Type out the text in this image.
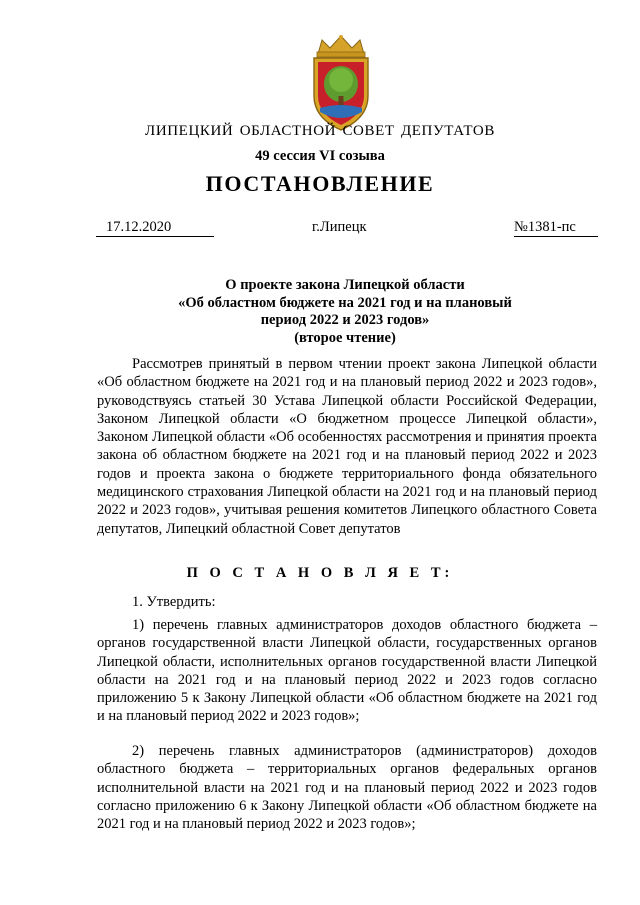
ЛИПЕЦКИЙ ОБЛАСТНОЙ СОВЕТ ДЕПУТАТОВ
49 сессия VI созыва
ПОСТАНОВЛЕНИЕ
17.12.2020	г.Липецк	№1381-пс
О проекте закона Липецкой области
«Об областном бюджете на 2021 год и на плановый
период 2022 и 2023 годов»
(второе чтение)
Рассмотрев принятый в первом чтении проект закона Липецкой области «Об областном бюджете на 2021 год и на плановый период 2022 и 2023 годов», руководствуясь статьей 30 Устава Липецкой области Российской Федерации, Законом Липецкой области «О бюджетном процессе Липецкой области», Законом Липецкой области «Об особенностях рассмотрения и принятия проекта закона об областном бюджете на 2021 год и на плановый период 2022 и 2023 годов и проекта закона о бюджете территориального фонда обязательного медицинского страхования Липецкой области на 2021 год и на плановый период 2022 и 2023 годов», учитывая решения комитетов Липецкого областного Совета депутатов, Липецкий областной Совет депутатов
П О С Т А Н О В Л Я Е Т:
1. Утвердить:
1) перечень главных администраторов доходов областного бюджета – органов государственной власти Липецкой области, государственных органов Липецкой области, исполнительных органов государственной власти Липецкой области на 2021 год и на плановый период 2022 и 2023 годов согласно приложению 5 к Закону Липецкой области «Об областном бюджете на 2021 год и на плановый период 2022 и 2023 годов»;
2) перечень главных администраторов (администраторов) доходов областного бюджета – территориальных органов федеральных органов исполнительной власти на 2021 год и на плановый период 2022 и 2023 годов согласно приложению 6 к Закону Липецкой области «Об областном бюджете на 2021 год и на плановый период 2022 и 2023 годов»;
